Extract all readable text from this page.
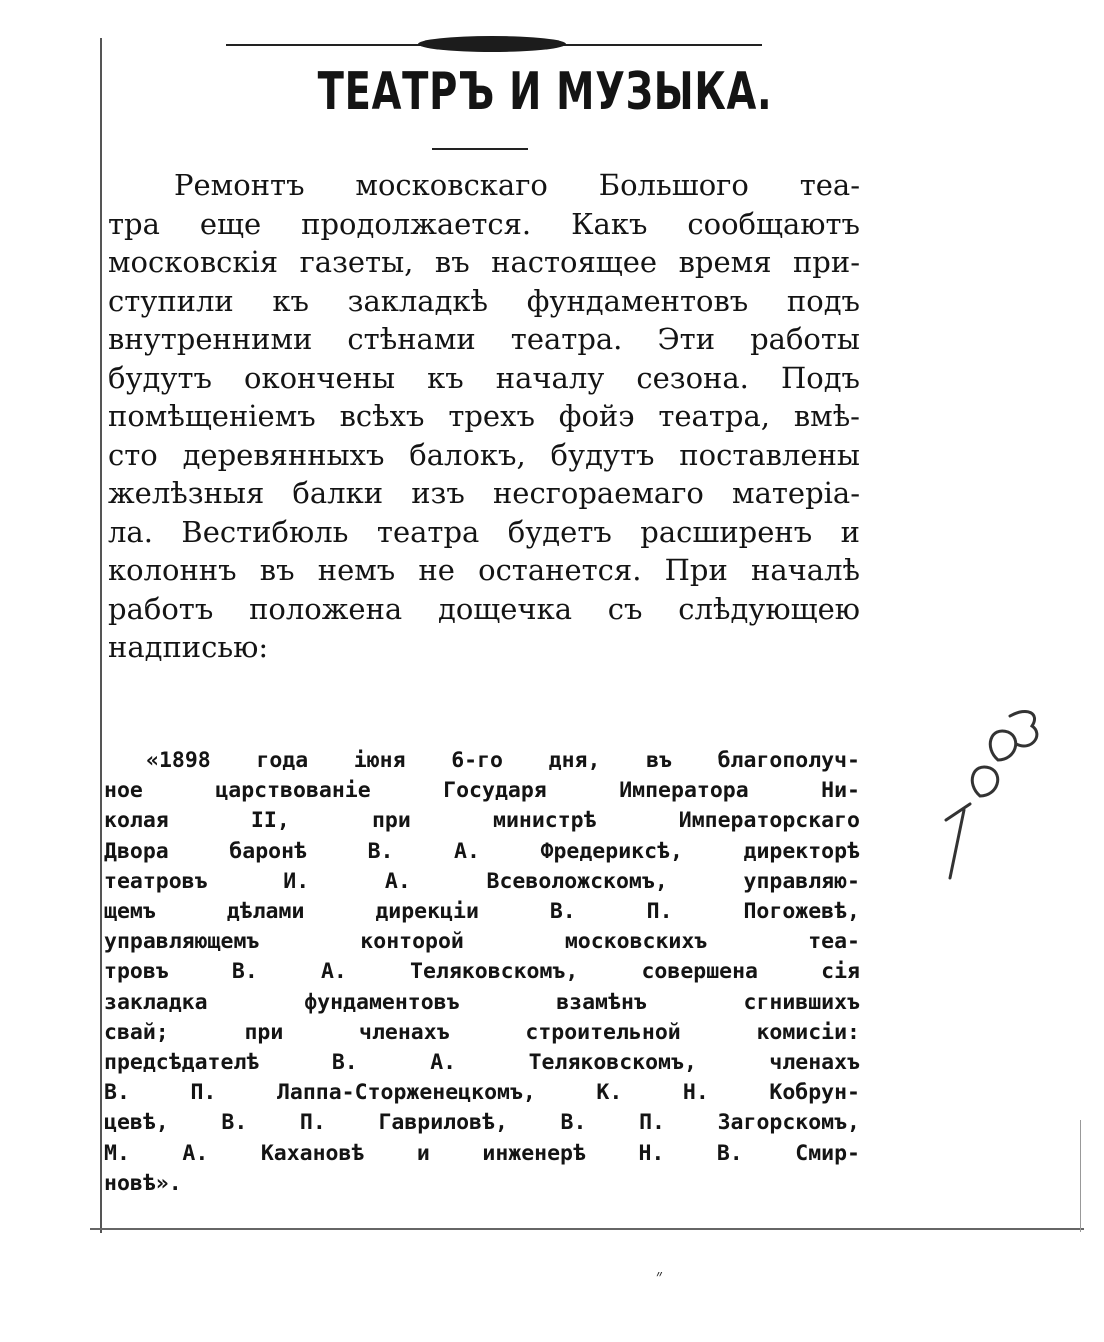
ТЕАТРЪ И МУЗЫКА.
Ремонтъ московскаго Большого теа-
тра еще продолжается. Какъ сообщаютъ
московскія газеты, въ настоящее время при-
ступили къ закладкѣ фундаментовъ подъ
внутренними стѣнами театра. Эти работы
будутъ окончены къ началу сезона. Подъ
помѣщеніемъ всѣхъ трехъ фойэ театра, вмѣ-
сто деревянныхъ балокъ, будутъ поставлены
желѣзныя балки изъ несгораемаго матеріа-
ла. Вестибюль театра будетъ расширенъ и
колоннъ въ немъ не останется. При началѣ
работъ положена дощечка съ слѣдующею
надписью:
«1898 года іюня 6-го дня, въ благополуч-
ное царствованіе Государя Императора Ни-
колая II, при министрѣ Императорскаго
Двора баронѣ В. А. Фредериксѣ, директорѣ
театровъ И. А. Всеволожскомъ, управляю-
щемъ дѣлами дирекціи В. П. Погожевѣ,
управляющемъ конторой московскихъ теа-
тровъ В. А. Теляковскомъ, совершена сія
закладка фундаментовъ взамѣнъ сгнившихъ
свай; при членахъ строительной комисіи:
предсѣдателѣ В. А. Теляковскомъ, членахъ
В. П. Лаппа-Сторженецкомъ, К. Н. Кобрун-
цевѣ, В. П. Гавриловѣ, В. П. Загорскомъ,
М. А. Кахановѣ и инженерѣ Н. В. Смир-
новѣ».
״
